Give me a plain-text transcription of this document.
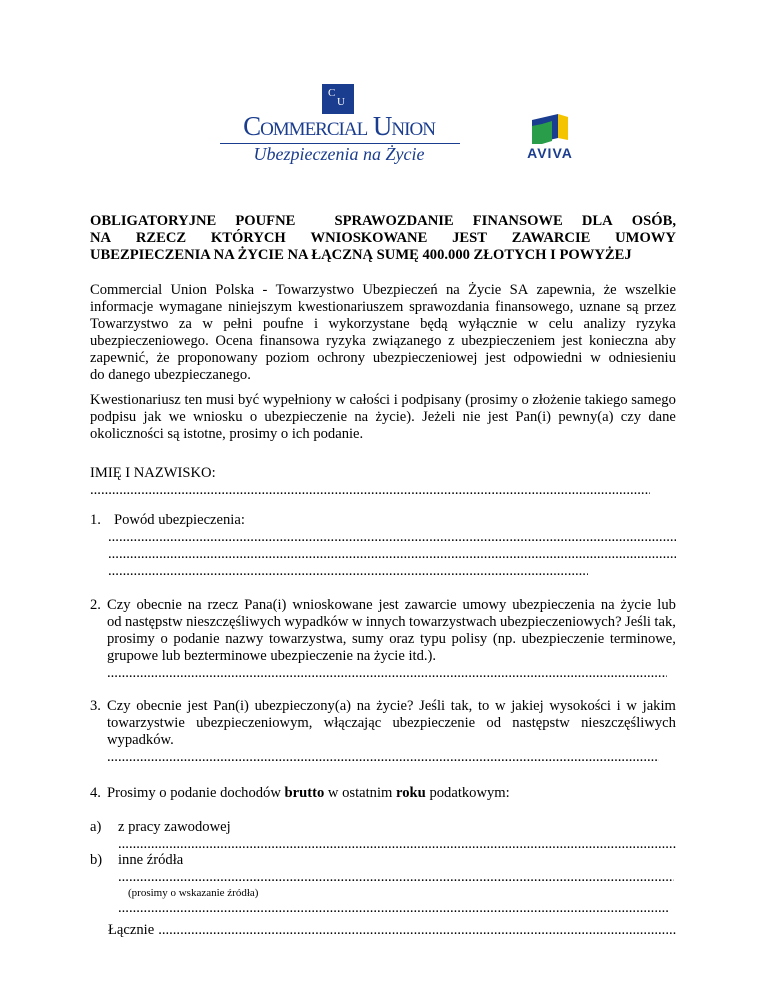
C
U
Commercial Union
Ubezpieczenia na Życie	AVIVA
OBLIGATORYJNE POUFNE	SPRAWOZDANIE FINANSOWE DLA OSÓB,
NA RZECZ KTÓRYCH WNIOSKOWANE JEST ZAWARCIE UMOWY
UBEZPIECZENIA NA ŻYCIE NA ŁĄCZNĄ SUMĘ 400.000 ZŁOTYCH I POWYŻEJ
Commercial Union Polska - Towarzystwo Ubezpieczeń na Życie SA zapewnia, że wszelkie
informacje wymagane niniejszym kwestionariuszem sprawozdania finansowego, uznane są przez
Towarzystwo za w pełni poufne i wykorzystane będą wyłącznie w celu analizy ryzyka
ubezpieczeniowego. Ocena finansowa ryzyka związanego z ubezpieczeniem jest konieczna aby
zapewnić, że proponowany poziom ochrony ubezpieczeniowej jest odpowiedni w odniesieniu
do danego ubezpieczanego.
Kwestionariusz ten musi być wypełniony w całości i podpisany (prosimy o złożenie takiego samego
podpisu jak we wniosku o ubezpieczenie na życie). Jeżeli nie jest Pan(i) pewny(a) czy dane
okoliczności są istotne, prosimy o ich podanie.
IMIĘ I NAZWISKO:
.....
1. Powód ubezpieczenia:
.....
.....
.....
2. Czy obecnie na rzecz Pana(i) wnioskowane jest zawarcie umowy ubezpieczenia na życie lub
od następstw nieszczęśliwych wypadków w innych towarzystwach ubezpieczeniowych? Jeśli tak,
prosimy o podanie nazwy towarzystwa, sumy oraz typu polisy (np. ubezpieczenie terminowe,
grupowe lub bezterminowe ubezpieczenie na życie itd.).
.....
3. Czy obecnie jest Pan(i) ubezpieczony(a) na życie? Jeśli tak, to w jakiej wysokości i w jakim
towarzystwie ubezpieczeniowym, włączając ubezpieczenie od następstw nieszczęśliwych
wypadków.
.....
4. Prosimy o podanie dochodów brutto w ostatnim roku podatkowym:
a) z pracy zawodowej
.....
b) inne źródła
.....
(prosimy o wskazanie źródła)
.....
Łącznie
.....
